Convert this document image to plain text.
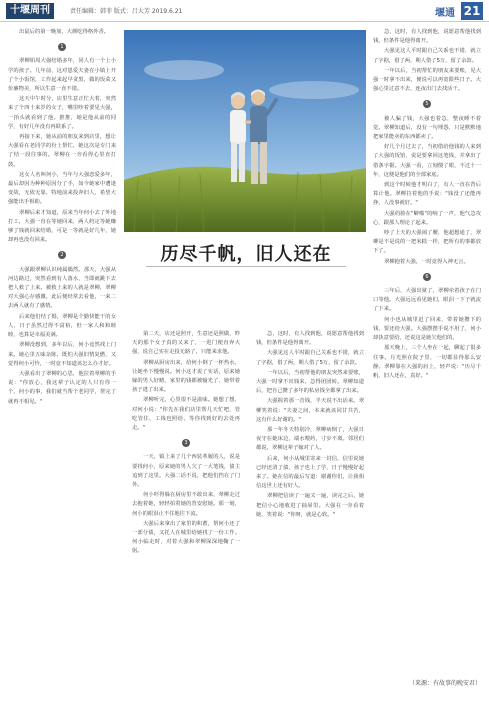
十堰周刊	责任编辑：韩菲 版式：吕大芳 2019.6.21	堰通 21

出鼠后的第一晚加，大颜吃得格外香。

1

翠柳姐周大强结婚多年，同人有一个上小学的孩子。几年前，这对恩爱夫妻在小镇上开了个小饭馆，工作起来起早贪黑，做的饭菜又价廉物美，所以生意一直不错。

这天中午时分，店里生意正忙大着，突然来了个四十来岁的女子，嘴里吵着要见大强，一抬头就看到了他。推推，她是他从前的同学，有好几年没有再联系了。

再接下来，她从前的朋友来到店里，想让大强看在老同学的份上帮忙，她这次是专门来了结一段往事的。翠柳在一旁看得心里直打鼓。

这女人名叫何小，当年与大强恋爱多年，最后却因为种种原因分了手，如今她家中遭逢变故，无依无靠，特地前来投奔旧人，希望大强能出手相助。

翠柳后来才知道，原来当年何小去了外地打工，大强一直在等她回来，两人约定等她赚够了钱就回来结婚，可是一等就是好几年，她却再也没有回来。

2

大强跟翠柳认识纯属偶然。那天，大强从河边路过，突然看到有人落水，当即就跳下去把人救了上来。被救上来的人就是翠柳，翠柳对大强心存感激，此后便经常去看他，一来二去两人就有了感情。

后来他们结了婚，翠柳是个勤快能干的女人，日子虽然过得不富裕，但一家人和和睦睦，也算是幸福美满。

翠柳没想到，多年以后，何小竟然找上门来。她心里五味杂陈，既怕大强旧情复燃，又觉得何小可怜，一时竟不知道该怎么办才好。

大强看出了翠柳的心思，他拉着翠柳的手说："你放心，我这辈子认定的人只有你一个，何小的事，我们就当帮个老同学，帮完了就再不相见。"

历尽千帆，旧人还在

第二天，店还是照开，生意还是照做，昨天的那个女子真的又来了，一进门便直奔大强，说自己实在走投无路了，只能来求他。

翠柳从厨房出来，给何小倒了一杯热水，让她坐下慢慢说。何小这才说了实话，原来她嫁的男人好赌，家里的钱都被输光了，她带着孩子逃了出来。

翠柳听完，心里很不是滋味。她想了想，对何小说："你先在我们店里帮几天忙吧，管吃管住，工钱也照给，等你找到好的去处再走。"

3

一天，镇上来了几个西装革履的人，说是要找何小，原来她的男人欠了一大笔钱，债主追到了这里。大强二话不说，把他们挡在了门外。

何小吓得躲在厨房里不敢出来，翠柳走过去抱着她，轻轻拍着她的背安慰她。那一刻，何小的眼泪止不住地往下流。

大强后来拿出了家里的积蓄，帮何小还了一部分债，又托人在城里给她找了一份工作。何小临走时，对着大强和翠柳深深地鞠了一躬。

急，这时，有人找到他，说愿意帮他找到钱，但条件是他得离开。

大强见这人平时跟自己关系也不错，就立了字据，借了两，期人借了5万，留了余款。

一年以后，当初帮他的朋友突然来要账，大强一时拿不出钱来，急得团团转。翠柳知道后，把自己攒了多年的私房钱全都拿了出来。

大强握着那一沓钱，半天说不出话来。翠柳笑着说："夫妻之间，本来就该同甘共苦，这有什么好谢的。"

那一年冬天特别冷，翠柳病倒了，大强日夜守在她床边，端水喂药，寸步不离。邻居们都说，翠柳这辈子嫁对了人。

后来，何小从城里寄来一封信，信里说她已经还清了债，孩子也上了学，日子慢慢好起来了。她在信的最后写道：谢谢你们，让我相信这世上还有好人。

翠柳把信读了一遍又一遍，读完之后，她把信小心地收进了抽屉里。大强在一旁看着她，笑着说："你呀，就是心软。"

急，这时，有人找到他，说愿意帮他找到钱，但条件是他得离开。

大强见这人平时跟自己关系也不错，就立了字据，借了两，期人借了5万，留了余款。

一年以后，当初帮忙的朋友来要账，见大强一时拿不出来，便说可以再宽限些日子。大强心里过意不去，连夜出门去找活干。

5

被人骗了钱，大强也着急，整夜睡不着觉。翠柳知道后，没有一句埋怨，只是默默地把家里能卖的东西都卖了。

好几个月过去了，当初借给他钱的人来到了大强的饭馆，说是要拿回这笔钱，并拿出了借条字据。大强一看，立刻傻了眼，不过十一年，这便是他们的全部家底。

到这个时候他才明白了，有人一直在背后算计他。翠柳拉着他的手说："钱没了还能再挣，人没事就好。"

大强的脸在"噼啪"的响了一声，他气急攻心，跟那人理论了起来。

吵了上天的大强闹了腰，他超想通了，翠柳是不是说的一把米糕一样，把所有的事都放下了。

翠柳抱着大强，一时竟得入神无言。

6

三年后，大强出狱了，翠柳牵着孩子在门口等他。大强远远看见她们，眼泪一下子就流了下来。

何小也从城里赶了回来，带着她攒下的钱，要还给大强。大强摆摆手说不用了，何小却执意要给，还说这是她欠他们的。

那天晚上，三个人坐在一起，聊起了很多往事。月光照在院子里，一切都显得那么安静。翠柳靠在大强的肩上，轻声说："历尽千帆，旧人还在，真好。"

（来源：有故事的晚安君）
